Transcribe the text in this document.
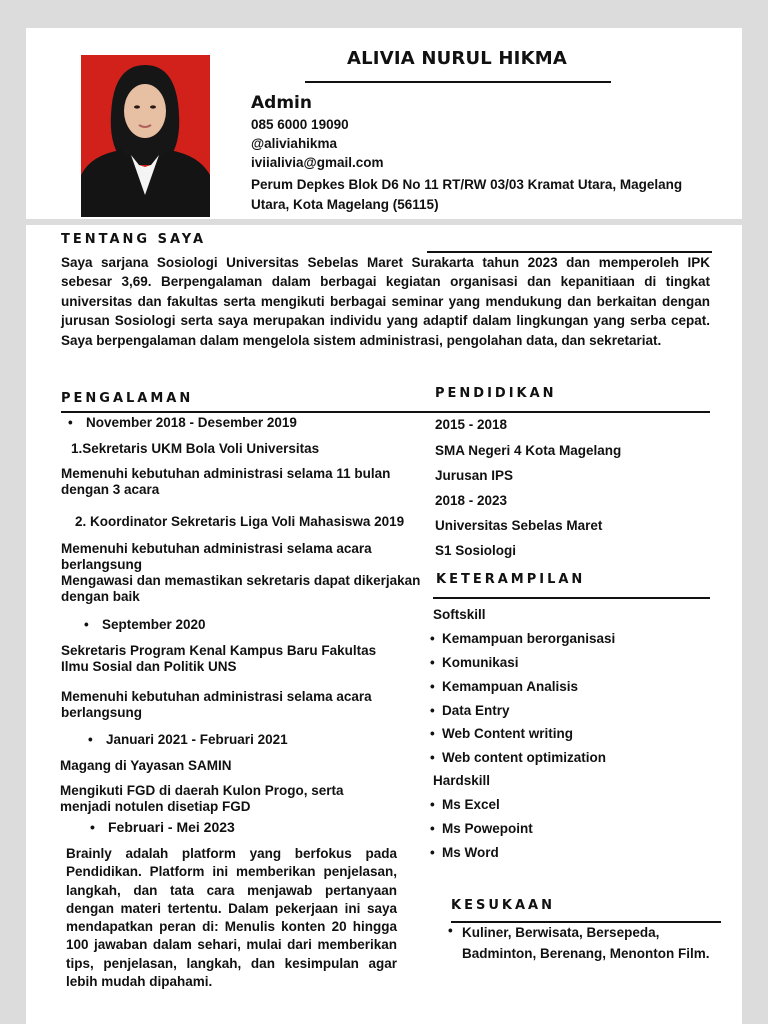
ALIVIA NURUL HIKMA
Admin
085 6000 19090
@aliviahikma
iviialivia@gmail.com
Perum Depkes Blok D6 No 11 RT/RW 03/03 Kramat Utara, Magelang Utara, Kota Magelang (56115)
TENTANG SAYA
Saya sarjana Sosiologi Universitas Sebelas Maret Surakarta tahun 2023 dan memperoleh IPK sebesar 3,69. Berpengalaman dalam berbagai kegiatan organisasi dan kepanitiaan di tingkat universitas dan fakultas serta mengikuti berbagai seminar yang mendukung dan berkaitan dengan jurusan Sosiologi serta saya merupakan individu yang adaptif dalam lingkungan yang serba cepat. Saya berpengalaman dalam mengelola sistem administrasi, pengolahan data, dan sekretariat.
PENGALAMAN
• November 2018 - Desember 2019
1.Sekretaris UKM Bola Voli Universitas
Memenuhi kebutuhan administrasi selama 11 bulan dengan 3 acara
2. Koordinator Sekretaris Liga Voli Mahasiswa 2019
Memenuhi kebutuhan administrasi selama acara berlangsung
Mengawasi dan memastikan sekretaris dapat dikerjakan dengan baik
• September 2020
Sekretaris Program Kenal Kampus Baru Fakultas Ilmu Sosial dan Politik UNS
Memenuhi kebutuhan administrasi selama acara berlangsung
• Januari 2021 - Februari 2021
Magang di Yayasan SAMIN
Mengikuti FGD di daerah Kulon Progo, serta menjadi notulen disetiap FGD
• Februari - Mei 2023
Brainly adalah platform yang berfokus pada Pendidikan. Platform ini memberikan penjelasan, langkah, dan tata cara menjawab pertanyaan dengan materi tertentu. Dalam pekerjaan ini saya mendapatkan peran di: Menulis konten 20 hingga 100 jawaban dalam sehari, mulai dari memberikan tips, penjelasan, langkah, dan kesimpulan agar lebih mudah dipahami.
PENDIDIKAN
2015 - 2018
SMA Negeri 4 Kota Magelang
Jurusan IPS
2018 - 2023
Universitas Sebelas Maret
S1 Sosiologi
KETERAMPILAN
Softskill
• Kemampuan berorganisasi
• Komunikasi
• Kemampuan Analisis
• Data Entry
• Web Content writing
• Web content optimization
Hardskill
• Ms Excel
• Ms Powepoint
• Ms Word
KESUKAAN
• Kuliner, Berwisata, Bersepeda, Badminton, Berenang, Menonton Film.
